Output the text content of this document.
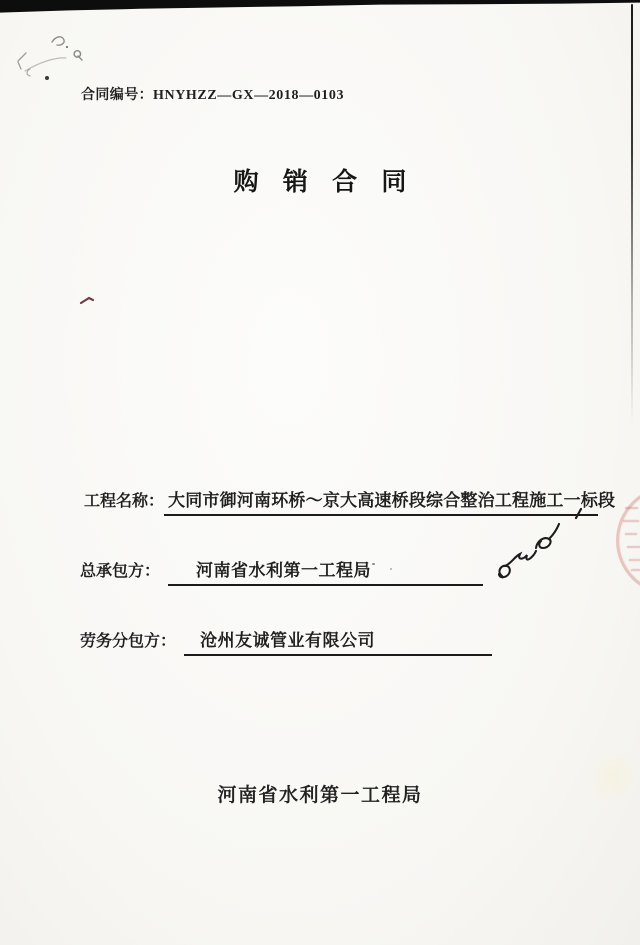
合同编号：HNYHZZ—GX—2018—0103
购 销 合 同
工程名称： 大同市御河南环桥～京大高速桥段综合整治工程施工一标段
总承包方：	河南省水利第一工程局
劳务分包方：	沧州友诚管业有限公司

河南省水利第一工程局
